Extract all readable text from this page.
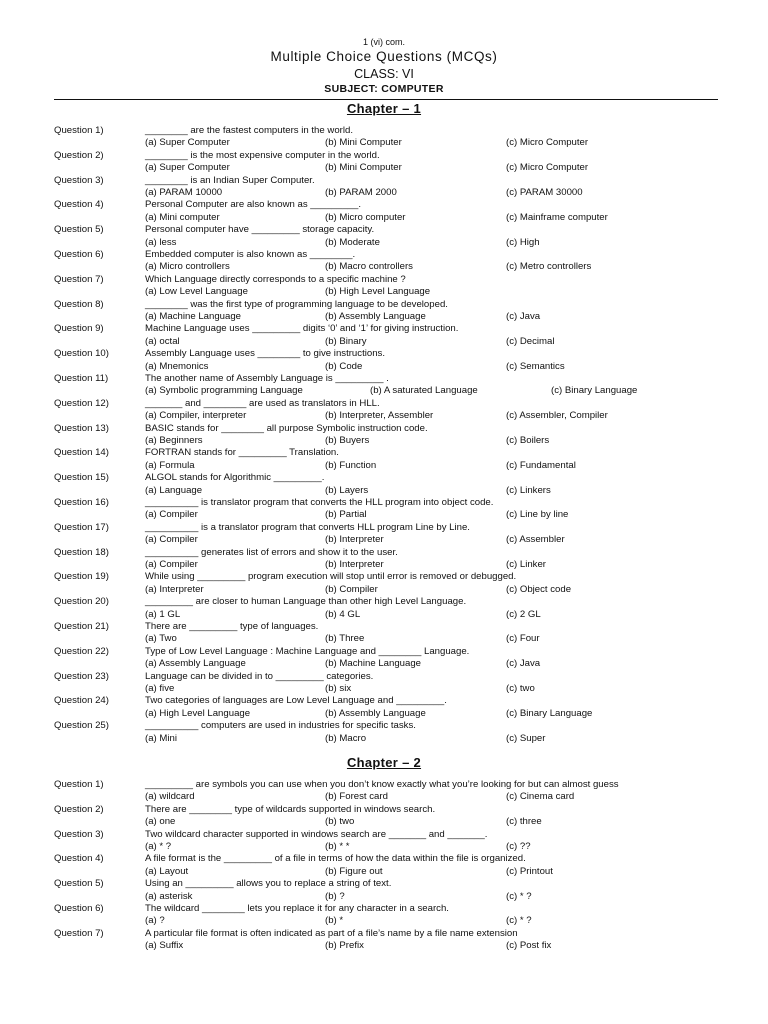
1 (vi) com.
Multiple Choice Questions (MCQs)
CLASS: VI
SUBJECT: COMPUTER
Chapter – 1
Question 1)	________ are the fastest computers in the world.
(a) Super Computer	(b) Mini Computer	(c) Micro Computer
Question 2)	________ is the most expensive computer in the world.
(a) Super Computer	(b) Mini Computer	(c) Micro Computer
Question 3)	________ is an Indian Super Computer.
(a) PARAM 10000	(b) PARAM 2000	(c) PARAM 30000
Question 4)	Personal Computer are also known as _________.
(a) Mini computer	(b) Micro computer	(c) Mainframe computer
Question 5)	Personal computer have _________ storage capacity.
(a) less	(b) Moderate	(c) High
Question 6)	Embedded computer is also known as ________.
(a) Micro controllers	(b) Macro controllers	(c) Metro controllers
Question 7)	Which Language directly corresponds to a specific machine ?
(a) Low Level Language	(b) High Level Language
Question 8)	________ was the first type of programming language to be developed.
(a) Machine Language	(b) Assembly Language	(c) Java
Question 9)	Machine Language uses _________ digits ‘0’ and ‘1’ for giving instruction.
(a) octal	(b) Binary	(c) Decimal
Question 10)	Assembly Language uses ________ to give instructions.
(a) Mnemonics	(b) Code	(c) Semantics
Question 11)	The another name of Assembly Language is _________ .
(a) Symbolic programming Language	(b) A saturated Language	(c) Binary Language
Question 12)	_______ and ________ are used as translators in HLL.
(a) Compiler, interpreter	(b) Interpreter, Assembler	(c) Assembler, Compiler
Question 13)	BASIC stands for ________ all purpose Symbolic instruction code.
(a) Beginners	(b) Buyers	(c) Boilers
Question 14)	FORTRAN stands for _________ Translation.
(a) Formula	(b) Function	(c) Fundamental
Question 15)	ALGOL stands for Algorithmic _________.
(a) Language	(b) Layers	(c) Linkers
Question 16)	__________ is translator program that converts the HLL program into object code.
(a) Compiler	(b) Partial	(c) Line by line
Question 17)	__________ is a translator program that converts HLL program Line by Line.
(a) Compiler	(b) Interpreter	(c) Assembler
Question 18)	__________ generates list of errors and show it to the user.
(a) Compiler	(b) Interpreter	(c) Linker
Question 19)	While using _________ program execution will stop until error is removed or debugged.
(a) Interpreter	(b) Compiler	(c) Object code
Question 20)	_________ are closer to human Language than other high Level Language.
(a) 1 GL	(b) 4 GL	(c) 2 GL
Question 21)	There are _________ type of languages.
(a) Two	(b) Three	(c) Four
Question 22)	Type of Low Level Language : Machine Language and ________ Language.
(a) Assembly Language	(b) Machine Language	(c) Java
Question 23)	Language can be divided in to _________ categories.
(a) five	(b) six	(c) two
Question 24)	Two categories of languages are Low Level Language and _________.
(a) High Level Language	(b) Assembly Language	(c) Binary Language
Question 25)	__________ computers are used in industries for specific tasks.
(a) Mini	(b) Macro	(c) Super
Chapter – 2
Question 1)	_________ are symbols you can use when you don’t know exactly what you’re looking for but can almost guess
(a) wildcard	(b) Forest card	(c) Cinema card
Question 2)	There are ________ type of wildcards supported in windows search.
(a) one	(b) two	(c) three
Question 3)	Two wildcard character supported in windows search are _______ and _______.
(a) * ?	(b) * *	(c) ??
Question 4)	A file format is the _________ of a file in terms of how the data within the file is organized.
(a) Layout	(b) Figure out	(c) Printout
Question 5)	Using an _________ allows you to replace a string of text.
(a) asterisk	(b) ?	(c) * ?
Question 6)	The wildcard ________ lets you replace it for any character in a search.
(a) ?	(b) *	(c) * ?
Question 7)	A particular file format is often indicated as part of a file’s name by a file name extension
(a) Suffix	(b) Prefix	(c) Post fix
